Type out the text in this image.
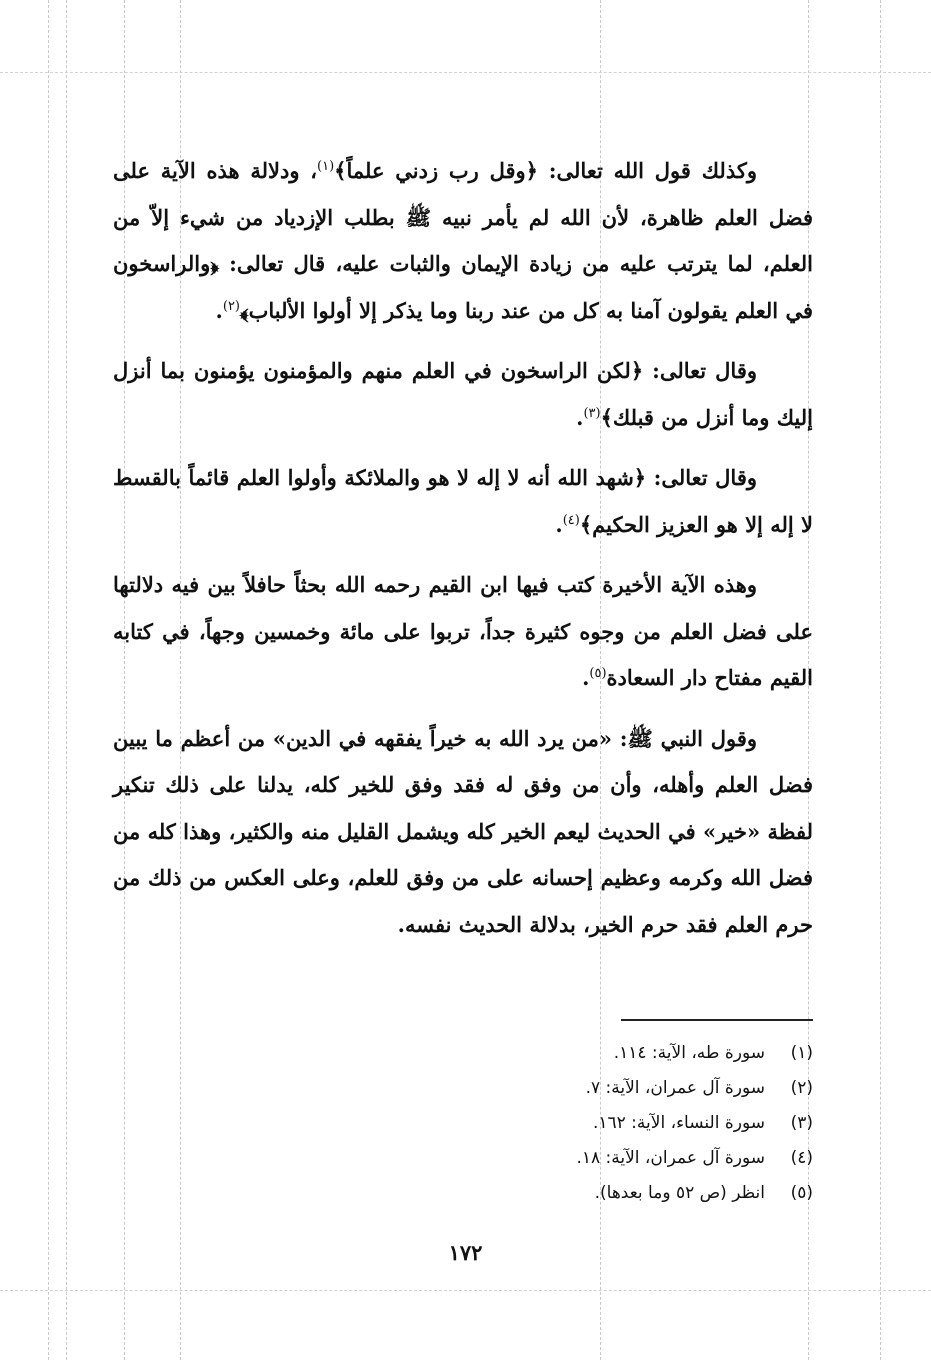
وكذلك قول الله تعالى: ﴿وقل رب زدني علماً﴾$^{(١)}$، ودلالة هذه الآية على فضل العلم ظاهرة، لأن الله لم يأمر نبيه ﷺ بطلب الإزدياد من شيء إلاّ من العلم، لما يترتب عليه من زيادة الإيمان والثبات عليه، قال تعالى: ﴿والراسخون في العلم يقولون آمنا به كل من عند ربنا وما يذكر إلا أولوا الألباب﴾$^{(٢)}$.

وقال تعالى: ﴿لكن الراسخون في العلم منهم والمؤمنون يؤمنون بما أنزل إليك وما أنزل من قبلك﴾$^{(٣)}$.

وقال تعالى: ﴿شهد الله أنه لا إله لا هو والملائكة وأولوا العلم قائماً بالقسط لا إله إلا هو العزيز الحكيم﴾$^{(٤)}$.

وهذه الآية الأخيرة كتب فيها ابن القيم رحمه الله بحثاً حافلاً بين فيه دلالتها على فضل العلم من وجوه كثيرة جداً، تربوا على مائة وخمسين وجهاً، في كتابه القيم مفتاح دار السعادة$^{(٥)}$.

وقول النبي ﷺ: «من يرد الله به خيراً يفقهه في الدين» من أعظم ما يبين فضل العلم وأهله، وأن من وفق له فقد وفق للخير كله، يدلنا على ذلك تنكير لفظة «خير» في الحديث ليعم الخير كله ويشمل القليل منه والكثير، وهذا كله من فضل الله وكرمه وعظيم إحسانه على من وفق للعلم، وعلى العكس من ذلك من حرم العلم فقد حرم الخير، بدلالة الحديث نفسه.

(١)سورة طه، الآية: ١١٤.
(٢)سورة آل عمران، الآية: ٧.
(٣)سورة النساء، الآية: ١٦٢.
(٤)سورة آل عمران، الآية: ١٨.
(٥)انظر (ص ٥٢ وما بعدها).
١٧٢
